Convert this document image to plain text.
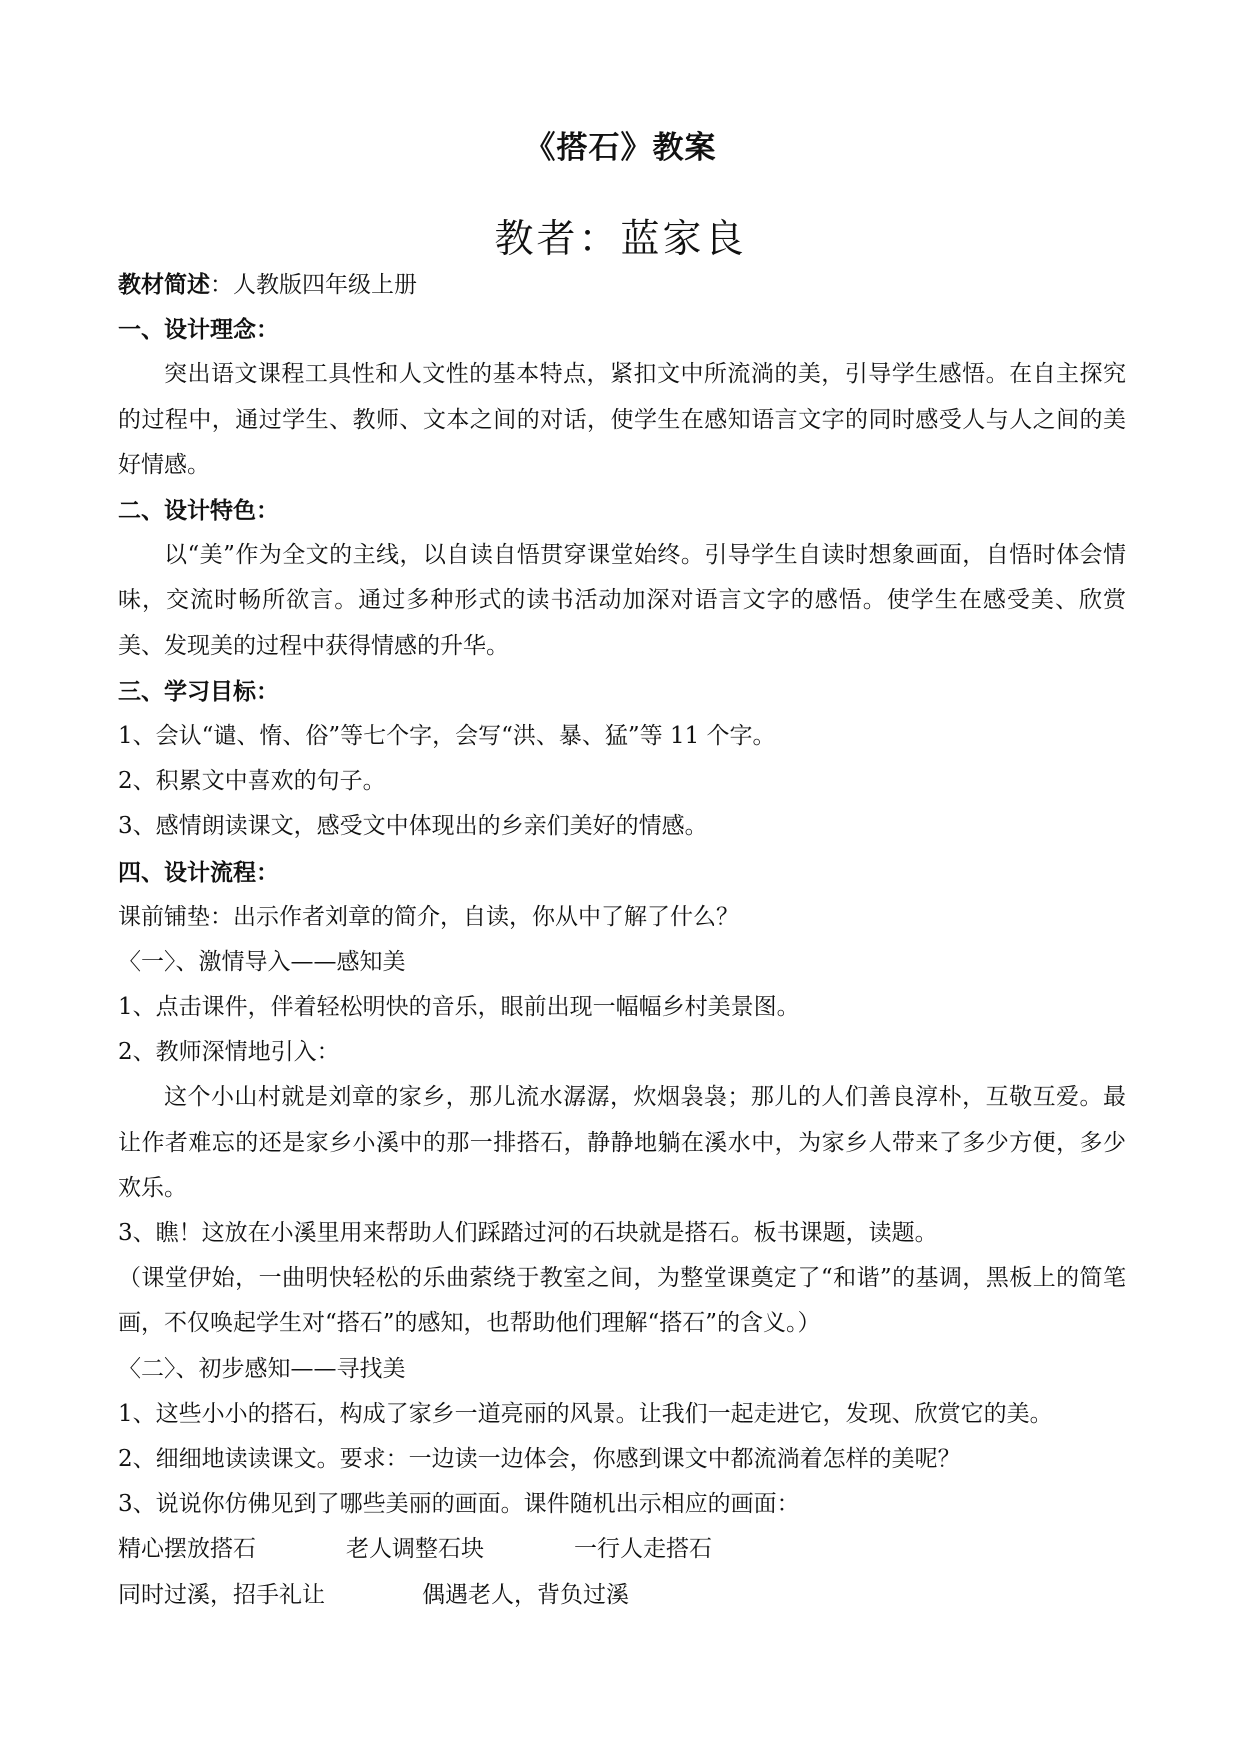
《搭石》教案
教者：蓝家良
教材简述：人教版四年级上册
一、设计理念：
突出语文课程工具性和人文性的基本特点，紧扣文中所流淌的美，引导学生感悟。在自主探究的过程中，通过学生、教师、文本之间的对话，使学生在感知语言文字的同时感受人与人之间的美好情感。
二、设计特色：
以“美”作为全文的主线，以自读自悟贯穿课堂始终。引导学生自读时想象画面，自悟时体会情味，交流时畅所欲言。通过多种形式的读书活动加深对语言文字的感悟。使学生在感受美、欣赏美、发现美的过程中获得情感的升华。
三、学习目标：
1、会认“谴、惰、俗”等七个字，会写“洪、暴、猛”等 11 个字。
2、积累文中喜欢的句子。
3、感情朗读课文，感受文中体现出的乡亲们美好的情感。
四、设计流程：
课前铺垫：出示作者刘章的简介，自读，你从中了解了什么？
〈一〉、激情导入——感知美
1、点击课件，伴着轻松明快的音乐，眼前出现一幅幅乡村美景图。
2、教师深情地引入：
这个小山村就是刘章的家乡，那儿流水潺潺，炊烟袅袅；那儿的人们善良淳朴，互敬互爱。最让作者难忘的还是家乡小溪中的那一排搭石，静静地躺在溪水中，为家乡人带来了多少方便，多少欢乐。
3、瞧！这放在小溪里用来帮助人们踩踏过河的石块就是搭石。板书课题，读题。
（课堂伊始，一曲明快轻松的乐曲萦绕于教室之间，为整堂课奠定了“和谐”的基调，黑板上的简笔画，不仅唤起学生对“搭石”的感知，也帮助他们理解“搭石”的含义。）
〈二〉、初步感知——寻找美
1、这些小小的搭石，构成了家乡一道亮丽的风景。让我们一起走进它，发现、欣赏它的美。
2、细细地读读课文。要求：一边读一边体会，你感到课文中都流淌着怎样的美呢？
3、说说你仿佛见到了哪些美丽的画面。课件随机出示相应的画面：
精心摆放搭石	老人调整石块	一行人走搭石
同时过溪，招手礼让	偶遇老人，背负过溪
